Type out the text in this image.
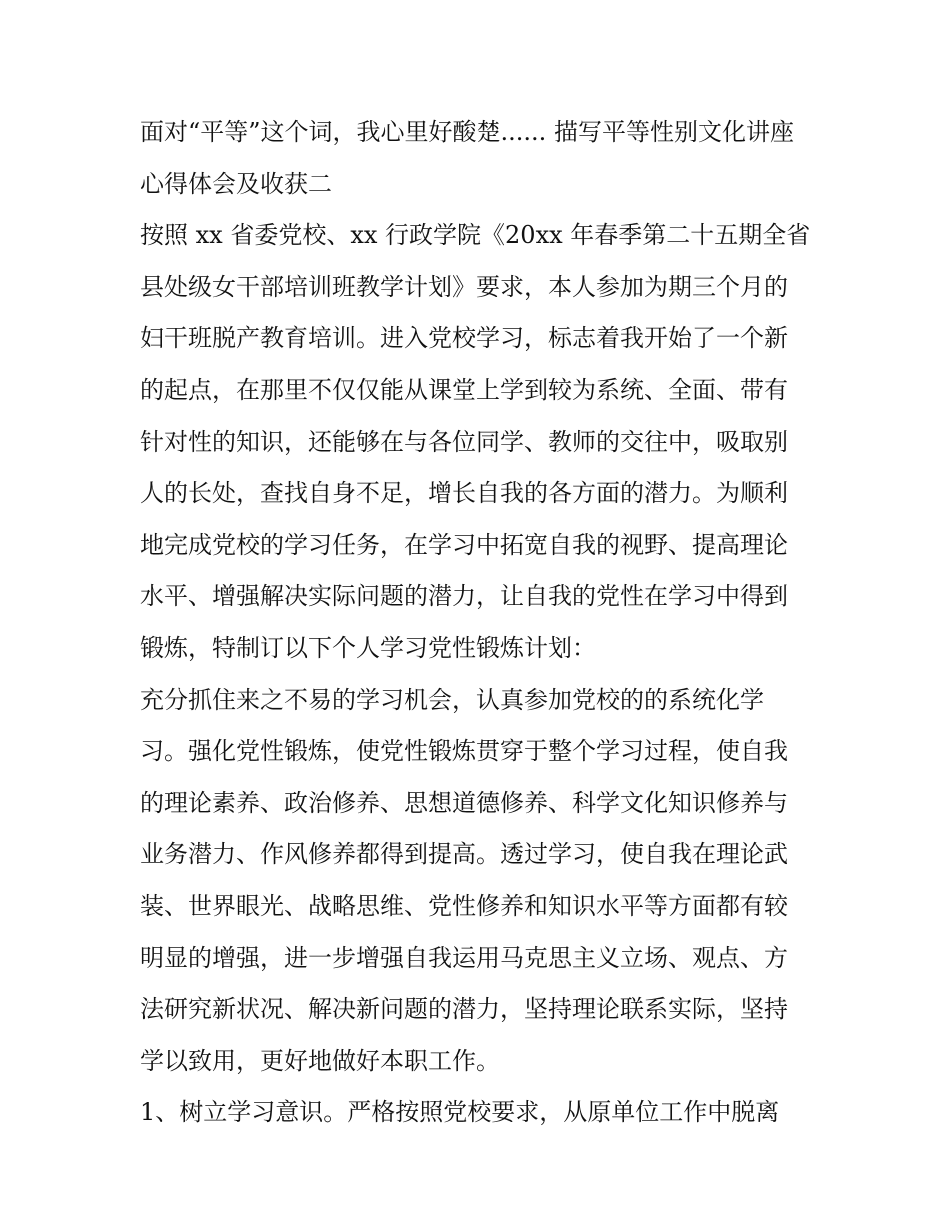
面对“平等”这个词，我心里好酸楚...... 描写平等性别文化讲座
心得体会及收获二
按照 xx 省委党校、xx 行政学院《20xx 年春季第二十五期全省
县处级女干部培训班教学计划》要求，本人参加为期三个月的
妇干班脱产教育培训。进入党校学习，标志着我开始了一个新
的起点，在那里不仅仅能从课堂上学到较为系统、全面、带有
针对性的知识，还能够在与各位同学、教师的交往中，吸取别
人的长处，查找自身不足，增长自我的各方面的潜力。为顺利
地完成党校的学习任务，在学习中拓宽自我的视野、提高理论
水平、增强解决实际问题的潜力，让自我的党性在学习中得到
锻炼，特制订以下个人学习党性锻炼计划：
充分抓住来之不易的学习机会，认真参加党校的的系统化学
习。强化党性锻炼，使党性锻炼贯穿于整个学习过程，使自我
的理论素养、政治修养、思想道德修养、科学文化知识修养与
业务潜力、作风修养都得到提高。透过学习，使自我在理论武
装、世界眼光、战略思维、党性修养和知识水平等方面都有较
明显的增强，进一步增强自我运用马克思主义立场、观点、方
法研究新状况、解决新问题的潜力，坚持理论联系实际，坚持
学以致用，更好地做好本职工作。
1、树立学习意识。严格按照党校要求，从原单位工作中脱离
